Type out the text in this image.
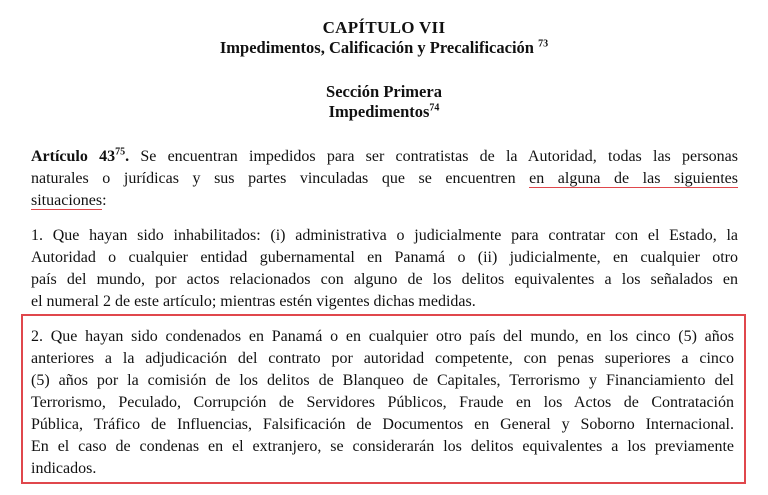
CAPÍTULO VII
Impedimentos, Calificación y Precalificación $^{73}$
Sección Primera
Impedimentos$^{74}$
Artículo $43^{75}$. Se encuentran impedidos para ser contratistas de la Autoridad, todas las personas
naturales o jurídicas y sus partes vinculadas que se encuentren en alguna de las siguientes
situaciones:
1. Que hayan sido inhabilitados: (i) administrativa o judicialmente para contratar con el Estado, la
Autoridad o cualquier entidad gubernamental en Panamá o (ii) judicialmente, en cualquier otro
país del mundo, por actos relacionados con alguno de los delitos equivalentes a los señalados en
el numeral 2 de este artículo; mientras estén vigentes dichas medidas.
2. Que hayan sido condenados en Panamá o en cualquier otro país del mundo, en los cinco (5) años
anteriores a la adjudicación del contrato por autoridad competente, con penas superiores a cinco
(5) años por la comisión de los delitos de Blanqueo de Capitales, Terrorismo y Financiamiento del
Terrorismo, Peculado, Corrupción de Servidores Públicos, Fraude en los Actos de Contratación
Pública, Tráfico de Influencias, Falsificación de Documentos en General y Soborno Internacional.
En el caso de condenas en el extranjero, se considerarán los delitos equivalentes a los previamente
indicados.
